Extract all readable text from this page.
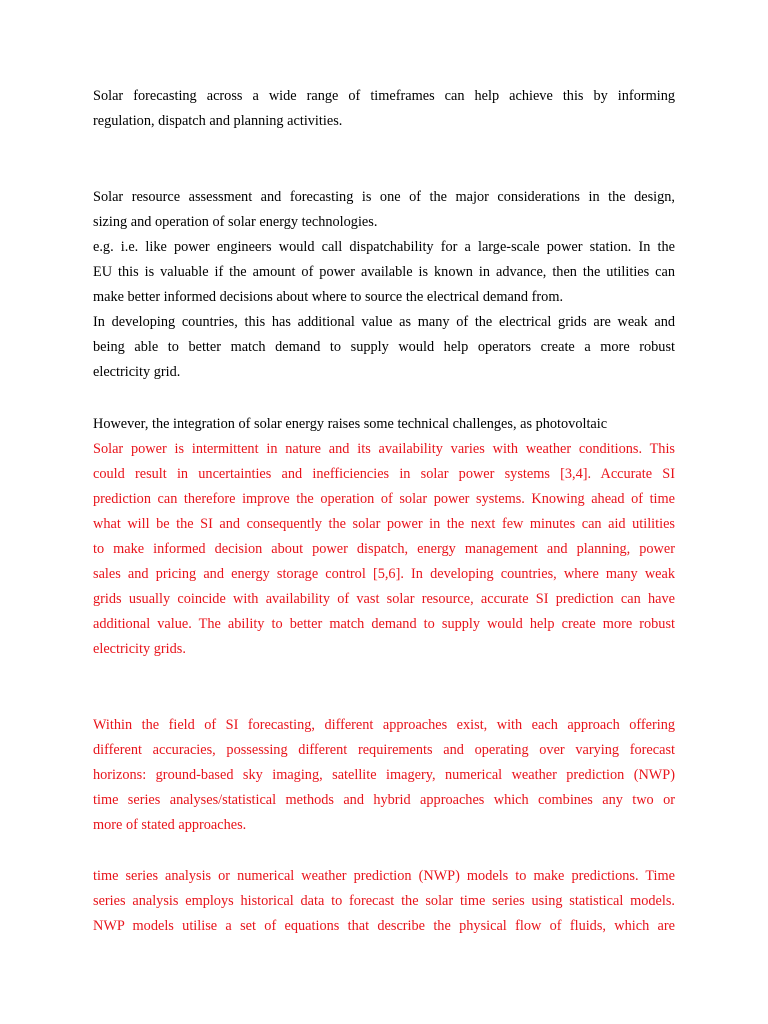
Solar forecasting across a wide range of timeframes can help achieve this by informing
regulation, dispatch and planning activities.

Solar resource assessment and forecasting is one of the major considerations in the design,
sizing and operation of solar energy technologies.

e.g. i.e. like power engineers would call dispatchability for a large-scale power station. In the
EU this is valuable if the amount of power available is known in advance, then the utilities can
make better informed decisions about where to source the electrical demand from.

In developing countries, this has additional value as many of the electrical grids are weak and
being able to better match demand to supply would help operators create a more robust
electricity grid.

However, the integration of solar energy raises some technical challenges, as photovoltaic

Solar power is intermittent in nature and its availability varies with weather conditions. This
could result in uncertainties and inefficiencies in solar power systems [3,4]. Accurate SI
prediction can therefore improve the operation of solar power systems. Knowing ahead of time
what will be the SI and consequently the solar power in the next few minutes can aid utilities
to make informed decision about power dispatch, energy management and planning, power
sales and pricing and energy storage control [5,6]. In developing countries, where many weak
grids usually coincide with availability of vast solar resource, accurate SI prediction can have
additional value. The ability to better match demand to supply would help create more robust
electricity grids.

Within the field of SI forecasting, different approaches exist, with each approach offering
different accuracies, possessing different requirements and operating over varying forecast
horizons: ground-based sky imaging, satellite imagery, numerical weather prediction (NWP)
time series analyses/statistical methods and hybrid approaches which combines any two or
more of stated approaches.

time series analysis or numerical weather prediction (NWP) models to make predictions. Time
series analysis employs historical data to forecast the solar time series using statistical models.
NWP models utilise a set of equations that describe the physical flow of fluids, which are
